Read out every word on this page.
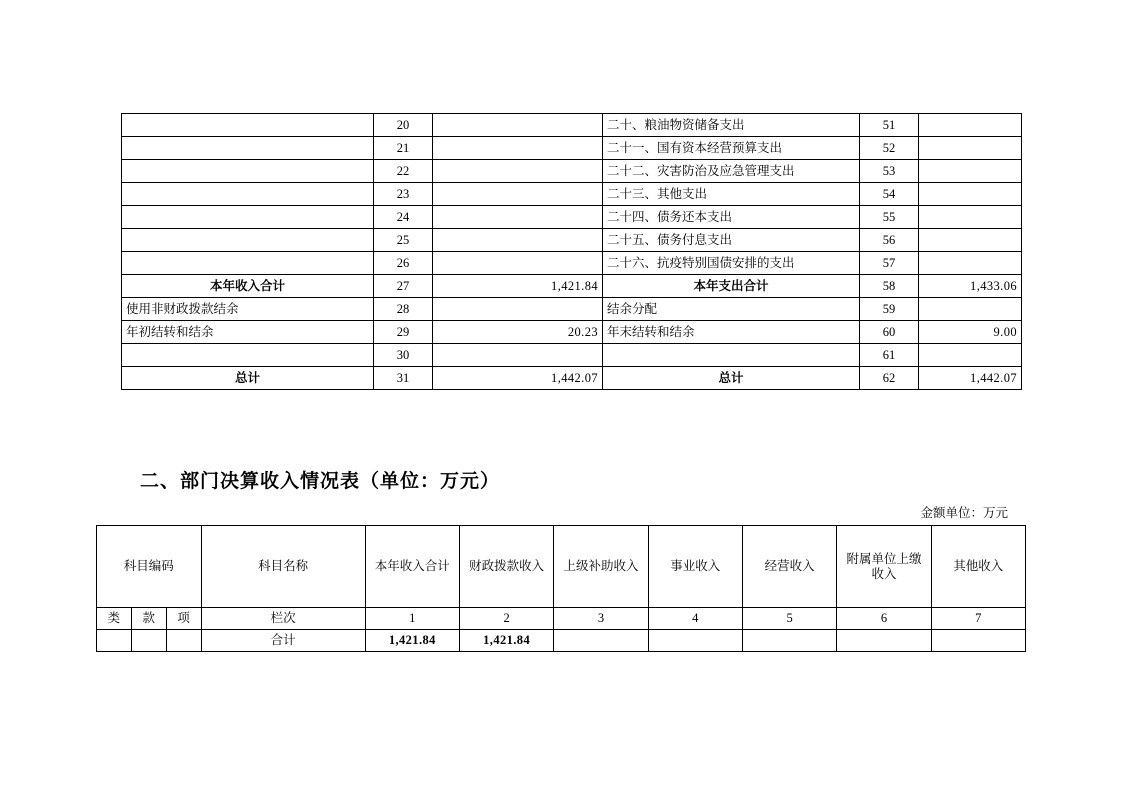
	20		二十、粮油物资储备支出	51	
	21		二十一、国有资本经营预算支出	52	
	22		二十二、灾害防治及应急管理支出	53	
	23		二十三、其他支出	54	
	24		二十四、债务还本支出	55	
	25		二十五、债务付息支出	56	
	26		二十六、抗疫特别国债安排的支出	57	
本年收入合计	27	1,421.84	本年支出合计	58	1,433.06
使用非财政拨款结余	28		结余分配	59	
年初结转和结余	29	20.23	年末结转和结余	60	9.00
	30			61	
总计	31	1,442.07	总计	62	1,442.07
二、部门决算收入情况表（单位：万元）
金额单位：万元
科目编码			科目名称	本年收入合计	财政拨款收入	上级补助收入	事业收入	经营收入	附属单位上缴收入	其他收入
类	款	项	栏次	1	2	3	4	5	6	7
			合计	1,421.84	1,421.84					
